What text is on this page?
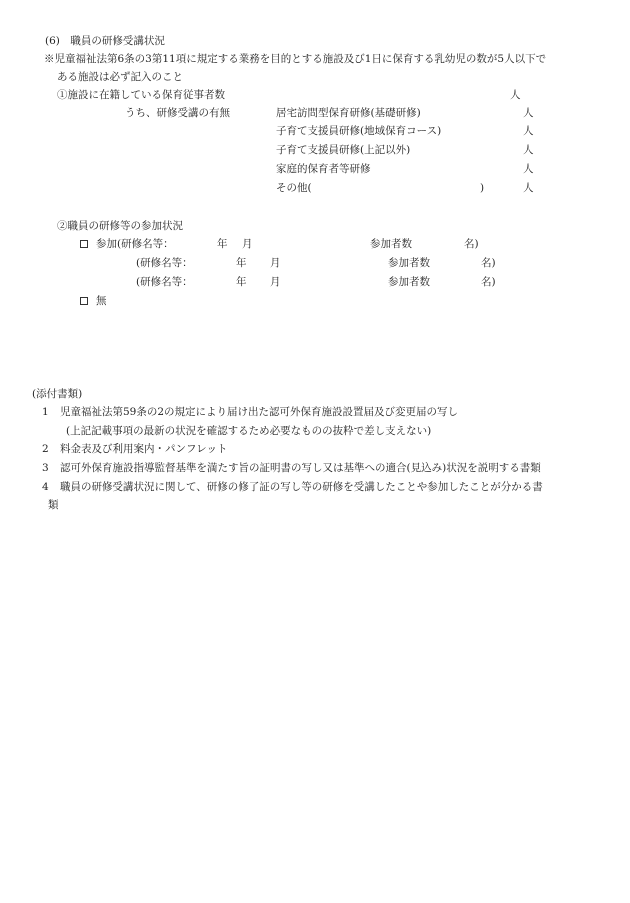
(6)　職員の研修受講状況
※児童福祉法第6条の3第11項に規定する業務を目的とする施設及び1日に保育する乳幼児の数が5人以下で
ある施設は必ず記入のこと
①施設に在籍している保育従事者数	人
うち、研修受講の有無	居宅訪問型保育研修(基礎研修)	人
子育て支援員研修(地域保育コース)	人
子育て支援員研修(上記以外)	人
家庭的保育者等研修	人
その他(	)	人
②職員の研修等の参加状況
参加(研修名等：	年 月	参加者数	名)
(研修名等：	年 月	参加者数	名)
(研修名等：	年 月	参加者数	名)
無
(添付書類)
1 児童福祉法第59条の2の規定により届け出た認可外保育施設設置届及び変更届の写し
(上記記載事項の最新の状況を確認するため必要なものの抜粋で差し支えない)
2 料金表及び利用案内・パンフレット
3 認可外保育施設指導監督基準を満たす旨の証明書の写し又は基準への適合(見込み)状況を説明する書類
4 職員の研修受講状況に関して、研修の修了証の写し等の研修を受講したことや参加したことが分かる書
類
